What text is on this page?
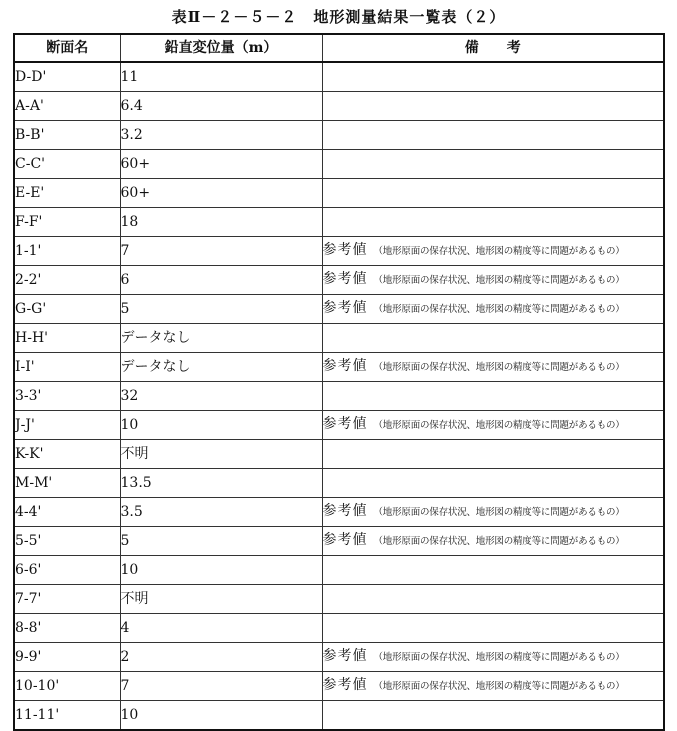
表Ⅱ－２－５－２　地形測量結果一覧表（２）
断面名	鉛直変位量（m）	備　　考
D-D'	11	
A-A'	6.4	
B-B'	3.2	
C-C'	60+	
E-E'	60+	
F-F'	18	
1-1'	7	参考値 （地形原面の保存状況、地形図の精度等に問題があるもの）
2-2'	6	参考値 （地形原面の保存状況、地形図の精度等に問題があるもの）
G-G'	5	参考値 （地形原面の保存状況、地形図の精度等に問題があるもの）
H-H'	データなし	
I-I'	データなし	参考値 （地形原面の保存状況、地形図の精度等に問題があるもの）
3-3'	32	
J-J'	10	参考値 （地形原面の保存状況、地形図の精度等に問題があるもの）
K-K'	不明	
M-M'	13.5	
4-4'	3.5	参考値 （地形原面の保存状況、地形図の精度等に問題があるもの）
5-5'	5	参考値 （地形原面の保存状況、地形図の精度等に問題があるもの）
6-6'	10	
7-7'	不明	
8-8'	4	
9-9'	2	参考値 （地形原面の保存状況、地形図の精度等に問題があるもの）
10-10'	7	参考値 （地形原面の保存状況、地形図の精度等に問題があるもの）
11-11'	10	
